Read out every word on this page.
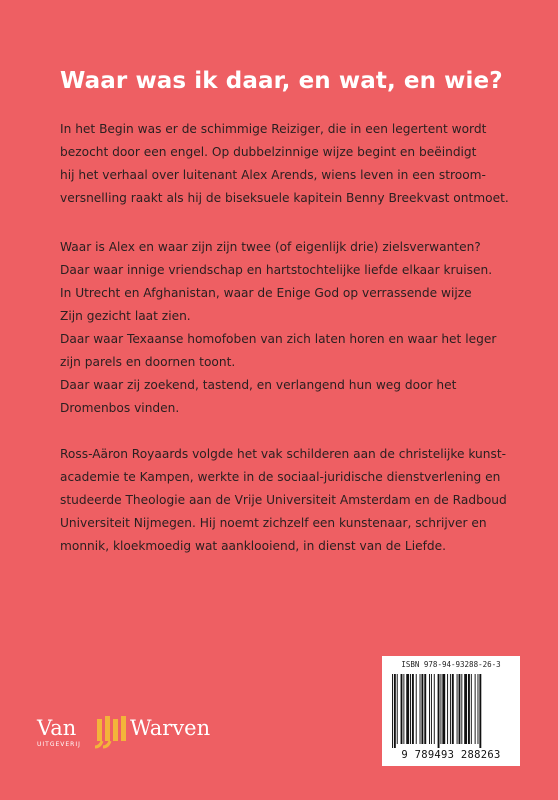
Waar was ik daar, en wat, en wie?
In het Begin was er de schimmige Reiziger, die in een legertent wordt
bezocht door een engel. Op dubbelzinnige wijze begint en beëindigt
hij het verhaal over luitenant Alex Arends, wiens leven in een stroom-
versnelling raakt als hij de biseksuele kapitein Benny Breekvast ontmoet.
Waar is Alex en waar zijn zijn twee (of eigenlijk drie) zielsverwanten?
Daar waar innige vriendschap en hartstochtelijke liefde elkaar kruisen.
In Utrecht en Afghanistan, waar de Enige God op verrassende wijze
Zijn gezicht laat zien.
Daar waar Texaanse homofoben van zich laten horen en waar het leger
zijn parels en doornen toont.
Daar waar zij zoekend, tastend, en verlangend hun weg door het
Dromenbos vinden.
Ross-Aäron Royaards volgde het vak schilderen aan de christelijke kunst-
academie te Kampen, werkte in de sociaal-juridische dienstverlening en
studeerde Theologie aan de Vrije Universiteit Amsterdam en de Radboud
Universiteit Nijmegen. Hij noemt zichzelf een kunstenaar, schrijver en
monnik, kloekmoedig wat aanklooiend, in dienst van de Liefde.
Van	Warven
UITGEVERIJ
ISBN 978-94-93288-26-3
9 789493 288263
